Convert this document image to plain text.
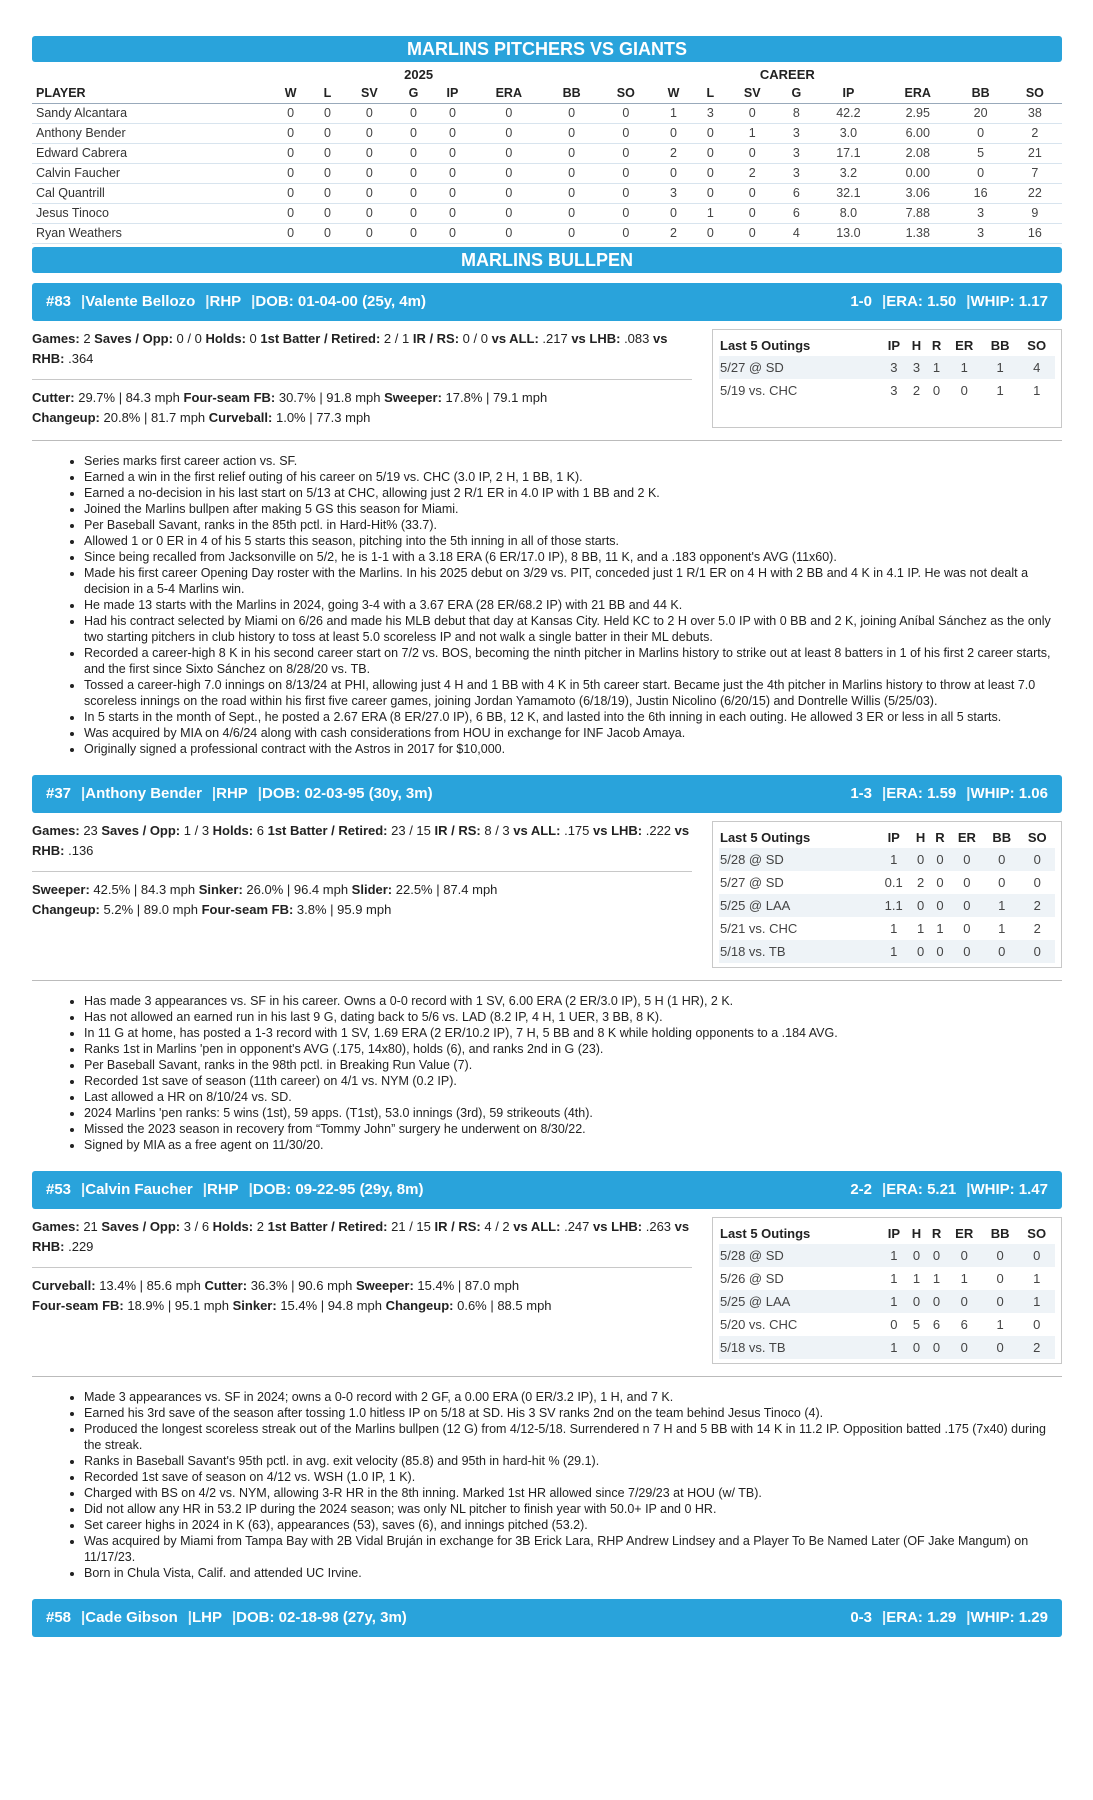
MARLINS PITCHERS VS GIANTS
	2025								CAREER							
PLAYER	W	L	SV	G	IP	ERA	BB	SO	W	L	SV	G	IP	ERA	BB	SO
Sandy Alcantara	0	0	0	0	0	0	0	0	1	3	0	8	42.2	2.95	20	38
Anthony Bender	0	0	0	0	0	0	0	0	0	0	1	3	3.0	6.00	0	2
Edward Cabrera	0	0	0	0	0	0	0	0	2	0	0	3	17.1	2.08	5	21
Calvin Faucher	0	0	0	0	0	0	0	0	0	0	2	3	3.2	0.00	0	7
Cal Quantrill	0	0	0	0	0	0	0	0	3	0	0	6	32.1	3.06	16	22
Jesus Tinoco	0	0	0	0	0	0	0	0	0	1	0	6	8.0	7.88	3	9
Ryan Weathers	0	0	0	0	0	0	0	0	2	0	0	4	13.0	1.38	3	16
MARLINS BULLPEN
#83 |Valente Bellozo |RHP |DOB: 01-04-00 (25y, 4m)	1-0 |ERA: 1.50 |WHIP: 1.17
Games: 2 Saves / Opp: 0 / 0 Holds: 0 1st Batter / Retired: 2 / 1 IR / RS: 0 / 0 vs ALL: .217 vs LHB: .083 vs RHB: .364
Cutter: 29.7% | 84.3 mph Four-seam FB: 30.7% | 91.8 mph Sweeper: 17.8% | 79.1 mph
Changeup: 20.8% | 81.7 mph Curveball: 1.0% | 77.3 mph
Last 5 Outings	IP	H	R	ER	BB	SO
5/27 @ SD	3	3	1	1	1	4
5/19 vs. CHC	3	2	0	0	1	1
• Series marks first career action vs. SF.
• Earned a win in the first relief outing of his career on 5/19 vs. CHC (3.0 IP, 2 H, 1 BB, 1 K).
• Earned a no-decision in his last start on 5/13 at CHC, allowing just 2 R/1 ER in 4.0 IP with 1 BB and 2 K.
• Joined the Marlins bullpen after making 5 GS this season for Miami.
• Per Baseball Savant, ranks in the 85th pctl. in Hard-Hit% (33.7).
• Allowed 1 or 0 ER in 4 of his 5 starts this season, pitching into the 5th inning in all of those starts.
• Since being recalled from Jacksonville on 5/2, he is 1-1 with a 3.18 ERA (6 ER/17.0 IP), 8 BB, 11 K, and a .183 opponent's AVG (11x60).
• Made his first career Opening Day roster with the Marlins. In his 2025 debut on 3/29 vs. PIT, conceded just 1 R/1 ER on 4 H with 2 BB and 4 K in 4.1 IP. He was not dealt a decision in a 5-4 Marlins win.
• He made 13 starts with the Marlins in 2024, going 3-4 with a 3.67 ERA (28 ER/68.2 IP) with 21 BB and 44 K.
• Had his contract selected by Miami on 6/26 and made his MLB debut that day at Kansas City. Held KC to 2 H over 5.0 IP with 0 BB and 2 K, joining Aníbal Sánchez as the only two starting pitchers in club history to toss at least 5.0 scoreless IP and not walk a single batter in their ML debuts.
• Recorded a career-high 8 K in his second career start on 7/2 vs. BOS, becoming the ninth pitcher in Marlins history to strike out at least 8 batters in 1 of his first 2 career starts, and the first since Sixto Sánchez on 8/28/20 vs. TB.
• Tossed a career-high 7.0 innings on 8/13/24 at PHI, allowing just 4 H and 1 BB with 4 K in 5th career start. Became just the 4th pitcher in Marlins history to throw at least 7.0 scoreless innings on the road within his first five career games, joining Jordan Yamamoto (6/18/19), Justin Nicolino (6/20/15) and Dontrelle Willis (5/25/03).
• In 5 starts in the month of Sept., he posted a 2.67 ERA (8 ER/27.0 IP), 6 BB, 12 K, and lasted into the 6th inning in each outing. He allowed 3 ER or less in all 5 starts.
• Was acquired by MIA on 4/6/24 along with cash considerations from HOU in exchange for INF Jacob Amaya.
• Originally signed a professional contract with the Astros in 2017 for $10,000.
#37 |Anthony Bender |RHP |DOB: 02-03-95 (30y, 3m)	1-3 |ERA: 1.59 |WHIP: 1.06
Games: 23 Saves / Opp: 1 / 3 Holds: 6 1st Batter / Retired: 23 / 15 IR / RS: 8 / 3 vs ALL: .175 vs LHB: .222 vs RHB: .136
Sweeper: 42.5% | 84.3 mph Sinker: 26.0% | 96.4 mph Slider: 22.5% | 87.4 mph
Changeup: 5.2% | 89.0 mph Four-seam FB: 3.8% | 95.9 mph
Last 5 Outings	IP	H	R	ER	BB	SO
5/28 @ SD	1	0	0	0	0	0
5/27 @ SD	0.1	2	0	0	0	0
5/25 @ LAA	1.1	0	0	0	1	2
5/21 vs. CHC	1	1	1	0	1	2
5/18 vs. TB	1	0	0	0	0	0
• Has made 3 appearances vs. SF in his career. Owns a 0-0 record with 1 SV, 6.00 ERA (2 ER/3.0 IP), 5 H (1 HR), 2 K.
• Has not allowed an earned run in his last 9 G, dating back to 5/6 vs. LAD (8.2 IP, 4 H, 1 UER, 3 BB, 8 K).
• In 11 G at home, has posted a 1-3 record with 1 SV, 1.69 ERA (2 ER/10.2 IP), 7 H, 5 BB and 8 K while holding opponents to a .184 AVG.
• Ranks 1st in Marlins 'pen in opponent's AVG (.175, 14x80), holds (6), and ranks 2nd in G (23).
• Per Baseball Savant, ranks in the 98th pctl. in Breaking Run Value (7).
• Recorded 1st save of season (11th career) on 4/1 vs. NYM (0.2 IP).
• Last allowed a HR on 8/10/24 vs. SD.
• 2024 Marlins 'pen ranks: 5 wins (1st), 59 apps. (T1st), 53.0 innings (3rd), 59 strikeouts (4th).
• Missed the 2023 season in recovery from “Tommy John” surgery he underwent on 8/30/22.
• Signed by MIA as a free agent on 11/30/20.
#53 |Calvin Faucher |RHP |DOB: 09-22-95 (29y, 8m)	2-2 |ERA: 5.21 |WHIP: 1.47
Games: 21 Saves / Opp: 3 / 6 Holds: 2 1st Batter / Retired: 21 / 15 IR / RS: 4 / 2 vs ALL: .247 vs LHB: .263 vs RHB: .229
Curveball: 13.4% | 85.6 mph Cutter: 36.3% | 90.6 mph Sweeper: 15.4% | 87.0 mph
Four-seam FB: 18.9% | 95.1 mph Sinker: 15.4% | 94.8 mph Changeup: 0.6% | 88.5 mph
Last 5 Outings	IP	H	R	ER	BB	SO
5/28 @ SD	1	0	0	0	0	0
5/26 @ SD	1	1	1	1	0	1
5/25 @ LAA	1	0	0	0	0	1
5/20 vs. CHC	0	5	6	6	1	0
5/18 vs. TB	1	0	0	0	0	2
• Made 3 appearances vs. SF in 2024; owns a 0-0 record with 2 GF, a 0.00 ERA (0 ER/3.2 IP), 1 H, and 7 K.
• Earned his 3rd save of the season after tossing 1.0 hitless IP on 5/18 at SD. His 3 SV ranks 2nd on the team behind Jesus Tinoco (4).
• Produced the longest scoreless streak out of the Marlins bullpen (12 G) from 4/12-5/18. Surrendered n 7 H and 5 BB with 14 K in 11.2 IP. Opposition batted .175 (7x40) during the streak.
• Ranks in Baseball Savant's 95th pctl. in avg. exit velocity (85.8) and 95th in hard-hit % (29.1).
• Recorded 1st save of season on 4/12 vs. WSH (1.0 IP, 1 K).
• Charged with BS on 4/2 vs. NYM, allowing 3-R HR in the 8th inning. Marked 1st HR allowed since 7/29/23 at HOU (w/ TB).
• Did not allow any HR in 53.2 IP during the 2024 season; was only NL pitcher to finish year with 50.0+ IP and 0 HR.
• Set career highs in 2024 in K (63), appearances (53), saves (6), and innings pitched (53.2).
• Was acquired by Miami from Tampa Bay with 2B Vidal Bruján in exchange for 3B Erick Lara, RHP Andrew Lindsey and a Player To Be Named Later (OF Jake Mangum) on 11/17/23.
• Born in Chula Vista, Calif. and attended UC Irvine.
#58 |Cade Gibson |LHP |DOB: 02-18-98 (27y, 3m)	0-3 |ERA: 1.29 |WHIP: 1.29
